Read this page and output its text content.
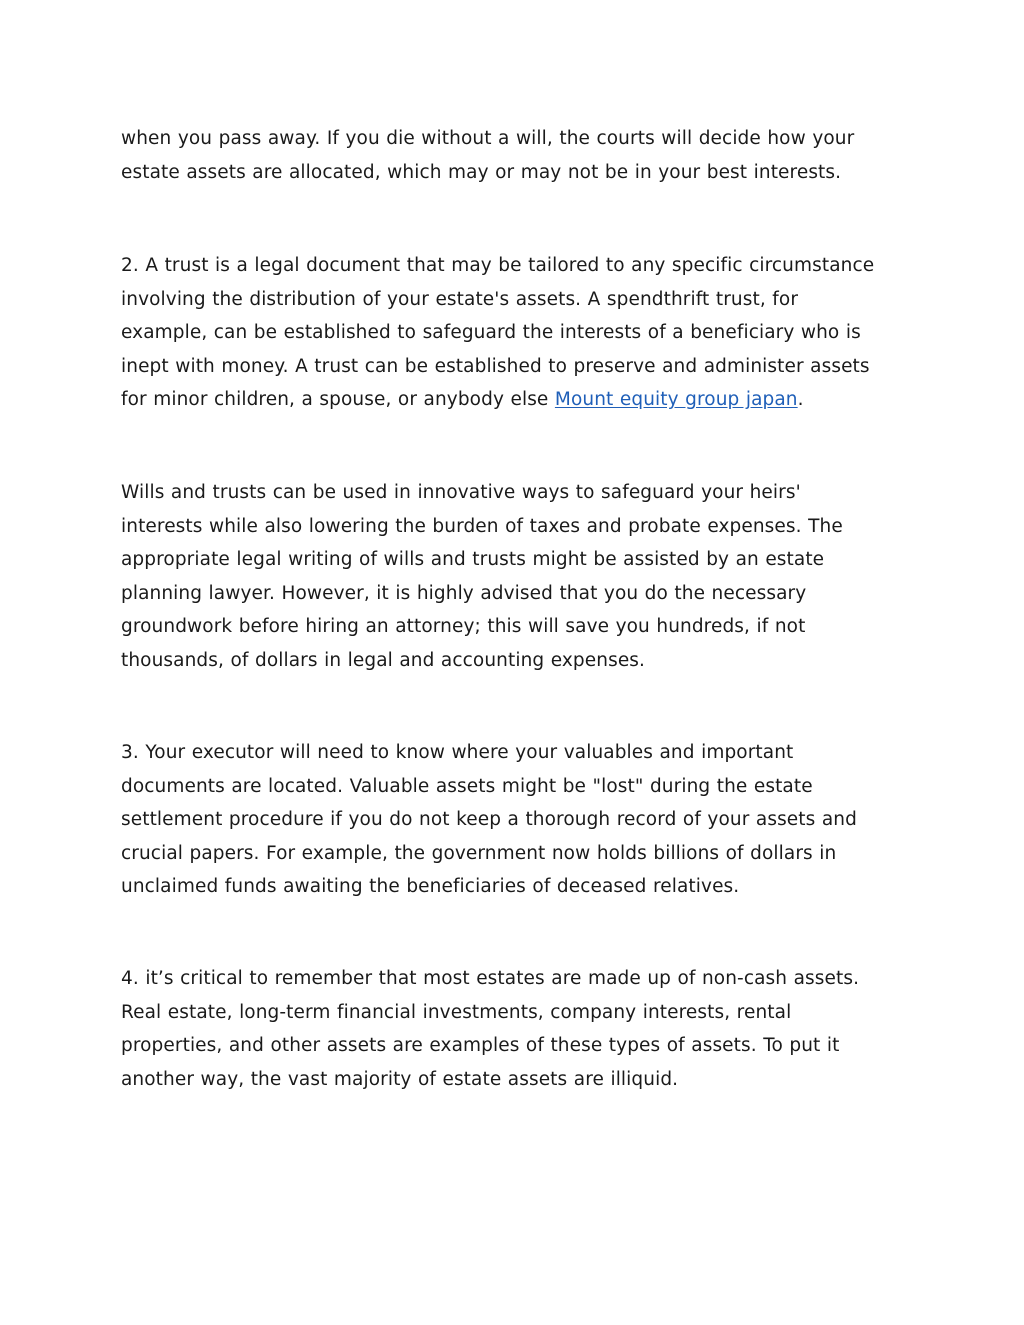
when you pass away. If you die without a will, the courts will decide how your
estate assets are allocated, which may or may not be in your best interests.

2. A trust is a legal document that may be tailored to any specific circumstance
involving the distribution of your estate's assets. A spendthrift trust, for
example, can be established to safeguard the interests of a beneficiary who is
inept with money. A trust can be established to preserve and administer assets
for minor children, a spouse, or anybody else Mount equity group japan.

Wills and trusts can be used in innovative ways to safeguard your heirs'
interests while also lowering the burden of taxes and probate expenses. The
appropriate legal writing of wills and trusts might be assisted by an estate
planning lawyer. However, it is highly advised that you do the necessary
groundwork before hiring an attorney; this will save you hundreds, if not
thousands, of dollars in legal and accounting expenses.

3. Your executor will need to know where your valuables and important
documents are located. Valuable assets might be "lost" during the estate
settlement procedure if you do not keep a thorough record of your assets and
crucial papers. For example, the government now holds billions of dollars in
unclaimed funds awaiting the beneficiaries of deceased relatives.

4. it’s critical to remember that most estates are made up of non-cash assets.
Real estate, long-term financial investments, company interests, rental
properties, and other assets are examples of these types of assets. To put it
another way, the vast majority of estate assets are illiquid.
